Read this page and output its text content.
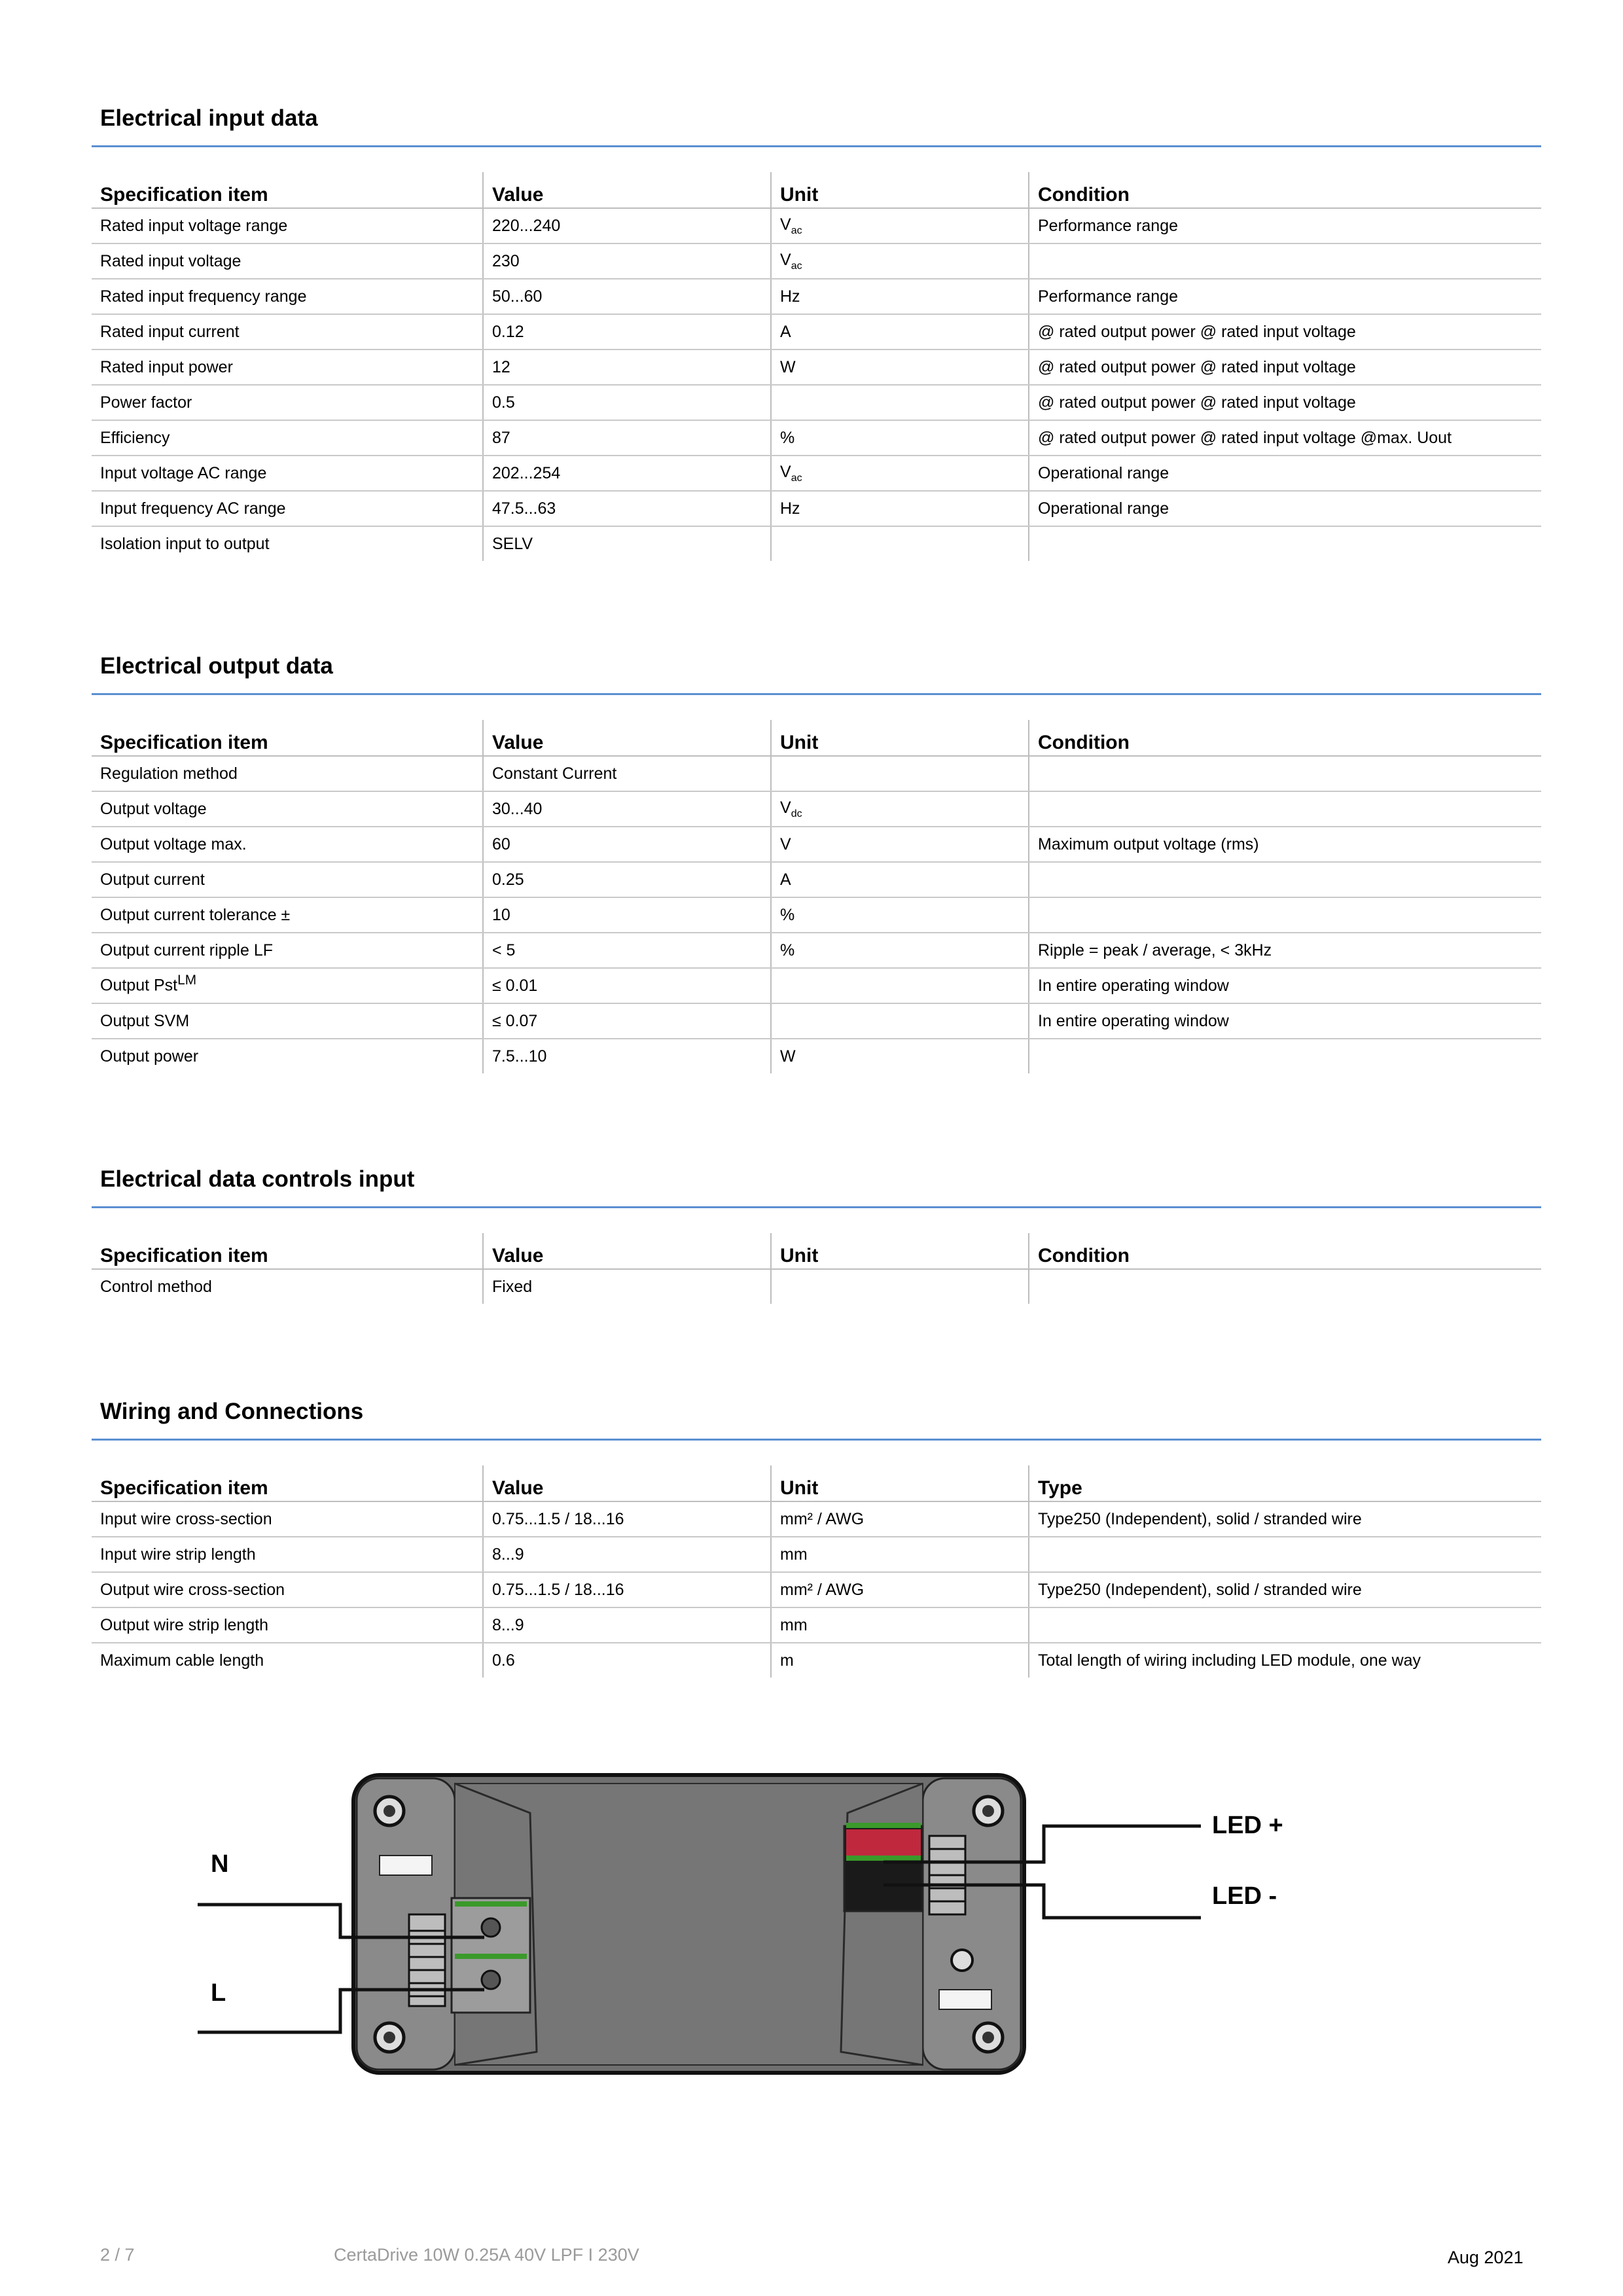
Electrical input data
Specification item	Value	Unit	Condition
Rated input voltage range	220...240	$V_{ac}$	Performance range
Rated input voltage	230	$V_{ac}$	
Rated input frequency range	50...60	Hz	Performance range
Rated input current	0.12	A	@ rated output power @ rated input voltage
Rated input power	12	W	@ rated output power @ rated input voltage
Power factor	0.5		@ rated output power @ rated input voltage
Efficiency	87	%	@ rated output power @ rated input voltage @max. Uout
Input voltage AC range	202...254	$V_{ac}$	Operational range
Input frequency AC range	47.5...63	Hz	Operational range
Isolation input to output	SELV		
Electrical output data
Specification item	Value	Unit	Condition
Regulation method	Constant Current		
Output voltage	30...40	$V_{dc}$	
Output voltage max.	60	V	Maximum output voltage (rms)
Output current	0.25	A	
Output current tolerance ±	10	%	
Output current ripple LF	< 5	%	Ripple = peak / average, < 3kHz
Output Pst$^{LM}$	≤ 0.01		In entire operating window
Output SVM	≤ 0.07		In entire operating window
Output power	7.5...10	W	
Electrical data controls input
Specification item	Value	Unit	Condition
Control method	Fixed		
Wiring and Connections
Specification item	Value	Unit	Type
Input wire cross-section	0.75...1.5 / 18...16	mm² / AWG	Type250 (Independent), solid / stranded wire
Input wire strip length	8...9	mm	
Output wire cross-section	0.75...1.5 / 18...16	mm² / AWG	Type250 (Independent), solid / stranded wire
Output wire strip length	8...9	mm	
Maximum cable length	0.6	m	Total length of wiring including LED module, one way
N
L
LED +
LED -
2 / 7	CertaDrive 10W 0.25A 40V LPF I 230V	Aug 2021
